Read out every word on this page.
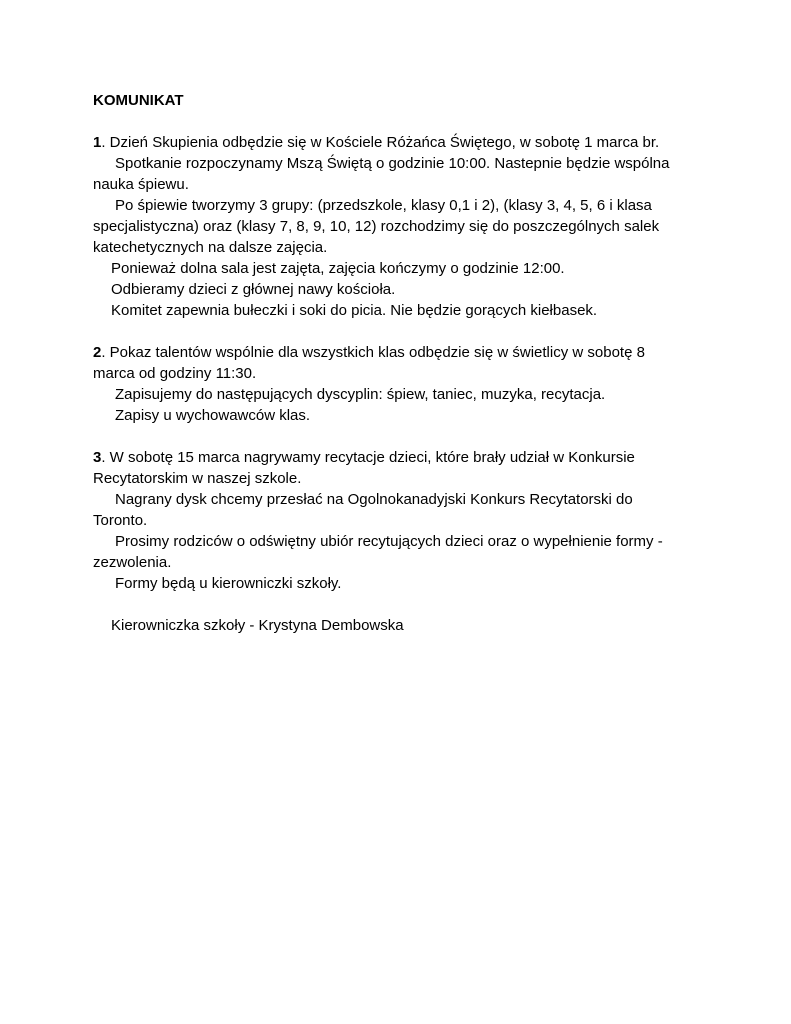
KOMUNIKAT
1. Dzień Skupienia odbędzie się w Kościele Różańca Świętego, w sobotę 1 marca br.
Spotkanie rozpoczynamy Mszą Świętą o godzinie 10:00. Nastepnie będzie wspólna
nauka śpiewu.
Po śpiewie tworzymy 3 grupy: (przedszkole, klasy 0,1 i 2), (klasy 3, 4, 5, 6 i klasa
specjalistyczna) oraz (klasy 7, 8, 9, 10, 12) rozchodzimy się do poszczególnych salek
katechetycznych na dalsze zajęcia.
Ponieważ dolna sala jest zajęta, zajęcia kończymy o godzinie 12:00.
Odbieramy dzieci z głównej nawy kościoła.
Komitet zapewnia bułeczki i soki do picia. Nie będzie gorących kiełbasek.
2. Pokaz talentów wspólnie dla wszystkich klas odbędzie się w świetlicy w sobotę 8
marca od godziny 11:30.
Zapisujemy do następujących dyscyplin: śpiew, taniec, muzyka, recytacja.
Zapisy u wychowawców klas.
3. W sobotę 15 marca nagrywamy recytacje dzieci, które brały udział w Konkursie
Recytatorskim w naszej szkole.
Nagrany dysk chcemy przesłać na Ogolnokanadyjski Konkurs Recytatorski do
Toronto.
Prosimy rodziców o odświętny ubiór recytujących dzieci oraz o wypełnienie formy -
zezwolenia.
Formy będą u kierowniczki szkoły.
Kierowniczka szkoły - Krystyna Dembowska
